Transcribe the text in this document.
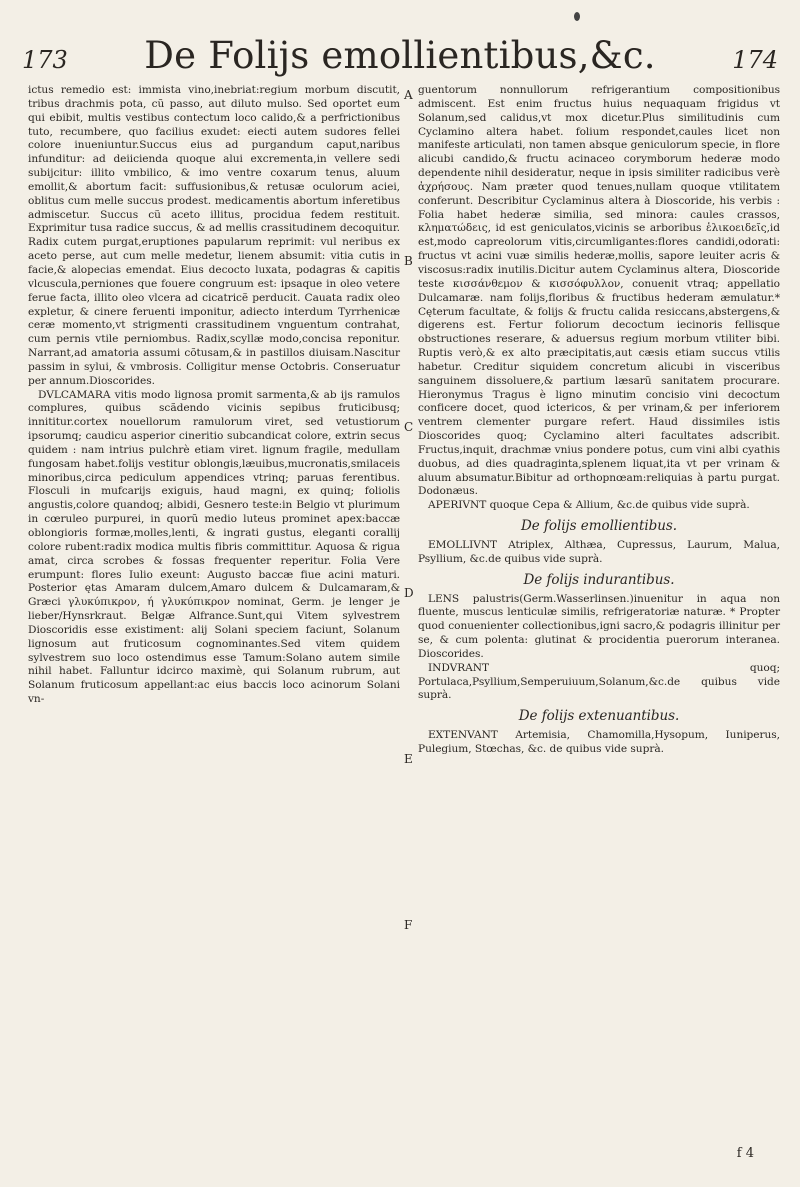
173	De Folijs emollientibus,&c.	174

ictus remedio est: immista vino,inebriat:regium morbum discutit, tribus drachmis pota, cũ passo, aut diluto mulso. Sed oportet eum qui ebibit, multis vestibus contectum loco calido,& a perfrictionibus tuto, recumbere, quo facilius exudet: eiecti autem sudores fellei colore inueniuntur.Succus eius ad purgandum caput,naribus infunditur: ad deiicienda quoque alui excrementa,in vellere sedi subijcitur: illito vmbilico, & imo ventre coxarum tenus, aluum emollit,& abortum facit: suffusionibus,& retusæ oculorum aciei, oblitus cum melle succus prodest. medicamentis abortum inferetibus admiscetur. Succus cũ aceto illitus, procidua fedem restituit. Exprimitur tusa radice succus, & ad mellis crassitudinem decoquitur. Radix cutem purgat,eruptiones papularum reprimit: vul neribus ex aceto perse, aut cum melle medetur, lienem absumit: vitia cutis in facie,& alopecias emendat. Eius decocto luxata, podagras & capitis vlcuscula,perniones que fouere congruum est: ipsaque in oleo vetere ferue facta, illito oleo vlcera ad cicatricẽ perducit. Cauata radix oleo expletur, & cinere feruenti imponitur, adiecto interdum Tyrrhenicæ ceræ momento,vt strigmenti crassitudinem vnguentum contrahat, cum pernis vtile perniombus. Radix,scyllæ modo,concisa reponitur. Narrant,ad amatoria assumi cõtusam,& in pastillos diuisam.Nascitur passim in sylui, & vmbrosis. Colligitur mense Octobris. Conseruatur per annum.Dioscorides.

DVLCAMARA vitis modo lignosa promit sarmenta,& ab ijs ramulos complures, quibus scãdendo vicinis sepibus fruticibusq; innititur.cortex nouellorum ramulorum viret, sed vetustiorum ipsorumq; caudicu asperior cineritio subcandicat colore, extrin secus quidem : nam intrius pulchrè etiam viret. lignum fragile, medullam fungosam habet.folijs vestitur oblongis,læuibus,mucronatis,smilaceis minoribus,circa pediculum appendices vtrinq; paruas ferentibus. Flosculi in mufcarijs exiguis, haud magni, ex quinq; foliolis angustis,colore quandoq; albidi, Gesnero teste:in Belgio vt plurimum in cœruleo purpurei, in quorũ medio luteus prominet apex:baccæ oblongioris formæ,molles,lenti, & ingrati gustus, eleganti corallij colore rubent:radix modica multis fibris committitur. Aquosa & rigua amat, circa scrobes & fossas frequenter reperitur. Folia Vere erumpunt: flores Iulio exeunt: Augusto baccæ fiue acini maturi. Posterior ętas Amaram dulcem,Amaro dulcem & Dulcamaram,& Græci γλυκύπικρον, ή γλυκύπικρον nominat, Germ. je lenger je lieber/Hynsrkraut. Belgæ Alfrance.Sunt,qui Vitem sylvestrem Dioscoridis esse existiment: alij Solani speciem faciunt, Solanum lignosum aut fruticosum cognominantes.Sed vitem quidem sylvestrem suo loco ostendimus esse Tamum:Solano autem simile nihil habet. Falluntur idcirco maximè, qui Solanum rubrum, aut Solanum fruticosum appellant:ac eius baccis loco acinorum Solani vn-

A
B
C
D
E
F

guentorum nonnullorum refrigerantium compositionibus admiscent. Est enim fructus huius nequaquam frigidus vt Solanum,sed calidus,vt mox dicetur.Plus similitudinis cum Cyclamino altera habet. folium respondet,caules licet non manifeste articulati, non tamen absque geniculorum specie, in flore alicubi candido,& fructu acinaceo corymborum hederæ modo dependente nihil desideratur, neque in ipsis similiter radicibus verè ἀχρήσους. Nam præter quod tenues,nullam quoque vtilitatem conferunt. Describitur Cyclaminus altera à Dioscoride, his verbis : Folia habet hederæ similia, sed minora: caules crassos, κληματώδεις, id est geniculatos,vicinis se arboribus ἑλικοειδεῖς,id est,modo capreolorum vitis,circumligantes:flores candidi,odorati: fructus vt acini vuæ similis hederæ,mollis, sapore leuiter acris & viscosus:radix inutilis.Dicitur autem Cyclaminus altera, Dioscoride teste κισσάνθεμον & κισσόφυλλον, conuenit vtraq; appellatio Dulcamaræ. nam folijs,floribus & fructibus hederam æmulatur.* Cęterum facultate, & folijs & fructu calida resiccans,abstergens,& digerens est. Fertur foliorum decoctum iecinoris fellisque obstructiones reserare, & aduersus regium morbum vtiliter bibi. Ruptis verò,& ex alto præcipitatis,aut cæsis etiam succus vtilis habetur. Creditur siquidem concretum alicubi in visceribus sanguinem dissoluere,& partium læsarũ sanitatem procurare. Hieronymus Tragus è ligno minutim concisio vini decoctum conficere docet, quod ictericos, & per vrinam,& per inferiorem ventrem clementer purgare refert. Haud dissimiles istis Dioscorides quoq; Cyclamino alteri facultates adscribit. Fructus,inquit, drachmæ vnius pondere potus, cum vini albi cyathis duobus, ad dies quadraginta,splenem liquat,ita vt per vrinam & aluum absumatur.Bibitur ad orthopnœam:reliquias à partu purgat. Dodonæus.

APERIVNT quoque Cepa & Allium, &c.de quibus vide suprà.

De folijs emollientibus.

EMOLLIVNT Atriplex, Althæa, Cupressus, Laurum, Malua, Psyllium, &c.de quibus vide suprà.

De folijs indurantibus.

LENS palustris(Germ.Wasserlinsen.)inuenitur in aqua non fluente, muscus lenticulæ similis, refrigeratoriæ naturæ. * Propter quod conuenienter collectionibus,igni sacro,& podagris illinitur per se, & cum polenta: glutinat & procidentia puerorum interanea. Dioscorides.

INDVRANT quoq; Portulaca,Psyllium,Semperuiuum,Solanum,&c.de quibus vide suprà.

De folijs extenuantibus.

EXTENVANT Artemisia, Chamomilla,Hysopum, Iuniperus, Pulegium, Stœchas, &c. de quibus vide suprà.

f 4
